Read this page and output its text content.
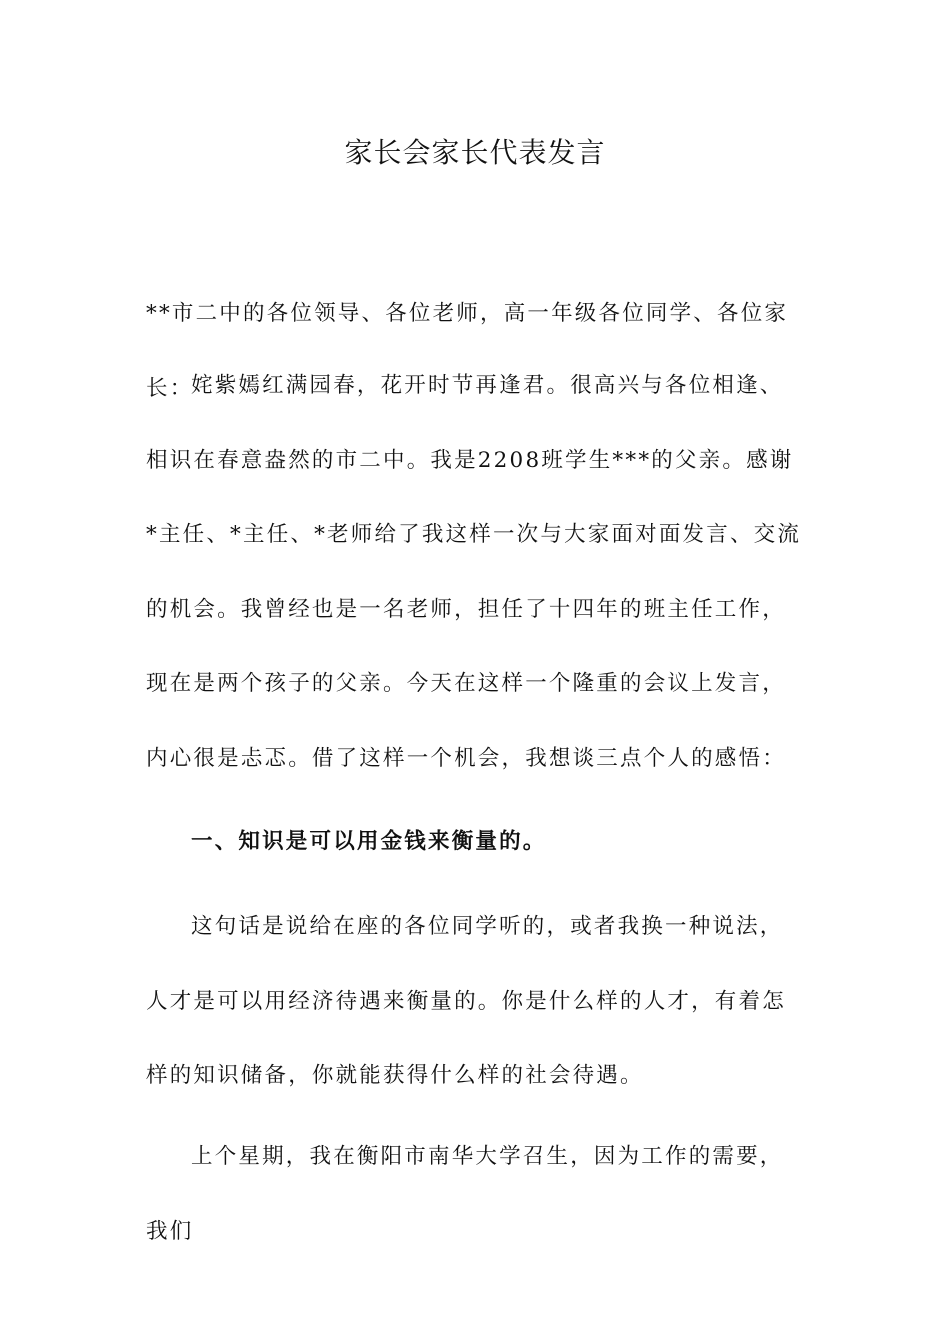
家长会家长代表发言

**市二中的各位领导、各位老师，高一年级各位同学、各位家长：

姹紫嫣红满园春，花开时节再逢君。很高兴与各位相逢、相识在春意盎然的市二中。我是2208班学生***的父亲。感谢*主任、*主任、*老师给了我这样一次与大家面对面发言、交流的机会。我曾经也是一名老师，担任了十四年的班主任工作，现在是两个孩子的父亲。今天在这样一个隆重的会议上发言，内心很是忐忑。借了这样一个机会，我想谈三点个人的感悟：

一、知识是可以用金钱来衡量的。

这句话是说给在座的各位同学听的，或者我换一种说法，人才是可以用经济待遇来衡量的。你是什么样的人才，有着怎样的知识储备，你就能获得什么样的社会待遇。

上个星期，我在衡阳市南华大学召生，因为工作的需要，我们
